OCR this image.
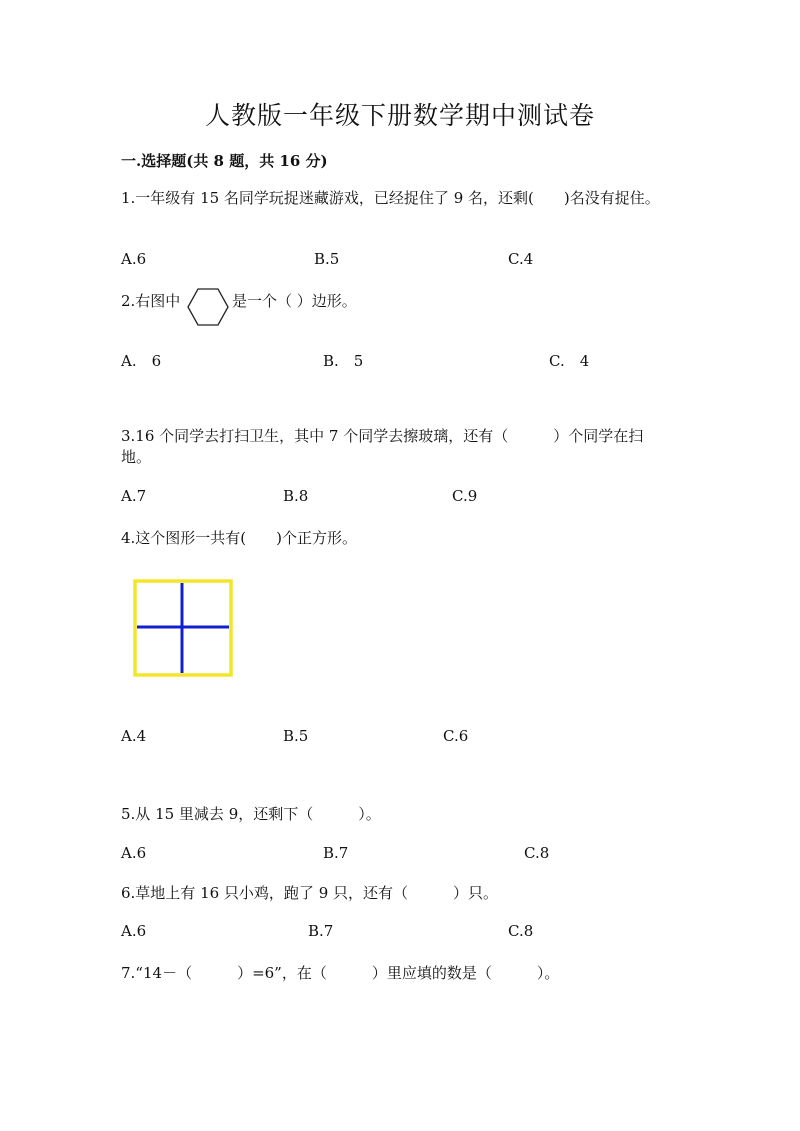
人教版一年级下册数学期中测试卷
一.选择题(共 8 题，共 16 分)
1.一年级有 15 名同学玩捉迷藏游戏，已经捉住了 9 名，还剩(　　)名没有捉住。
A.6	B.5	C.4
2.右图中	是一个（ ）边形。
A.　6	B.　5	C.　4
3.16 个同学去打扫卫生，其中 7 个同学去擦玻璃，还有（　　　）个同学在扫地。
A.7	B.8	C.9
4.这个图形一共有(　　)个正方形。
A.4	B.5	C.6
5.从 15 里减去 9，还剩下（　　　）。
A.6	B.7	C.8
6.草地上有 16 只小鸡，跑了 9 只，还有（　　　）只。
A.6	B.7	C.8
7.“14－（　　　）=6”，在（　　　）里应填的数是（　　　）。
